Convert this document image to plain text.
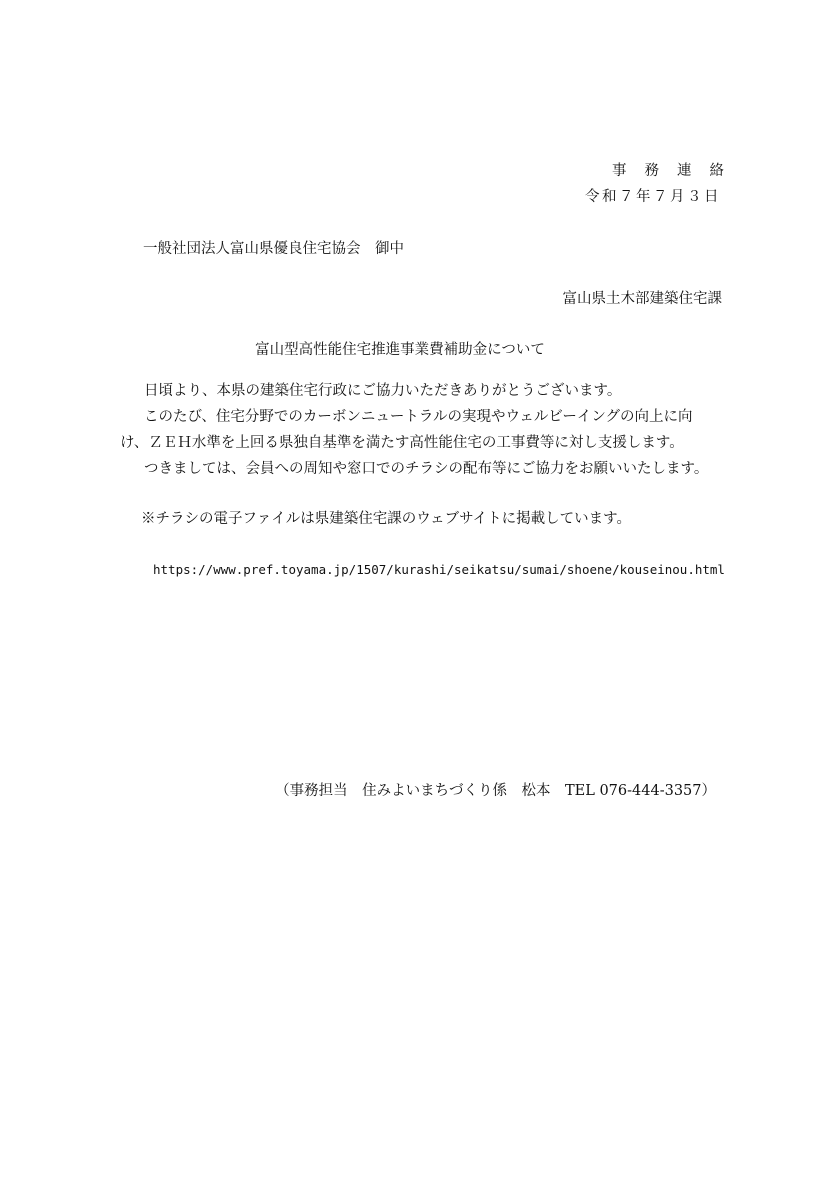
事務連絡
令和７年７月３日
一般社団法人富山県優良住宅協会　御中
富山県土木部建築住宅課
富山型高性能住宅推進事業費補助金について
日頃より、本県の建築住宅行政にご協力いただきありがとうございます。
このたび、住宅分野でのカーボンニュートラルの実現やウェルビーイングの向上に向
け、ＺＥＨ水準を上回る県独自基準を満たす高性能住宅の工事費等に対し支援します。
つきましては、会員への周知や窓口でのチラシの配布等にご協力をお願いいたします。
※チラシの電子ファイルは県建築住宅課のウェブサイトに掲載しています。
https://www.pref.toyama.jp/1507/kurashi/seikatsu/sumai/shoene/kouseinou.html
（事務担当　住みよいまちづくり係　松本　TEL 076-444-3357）
